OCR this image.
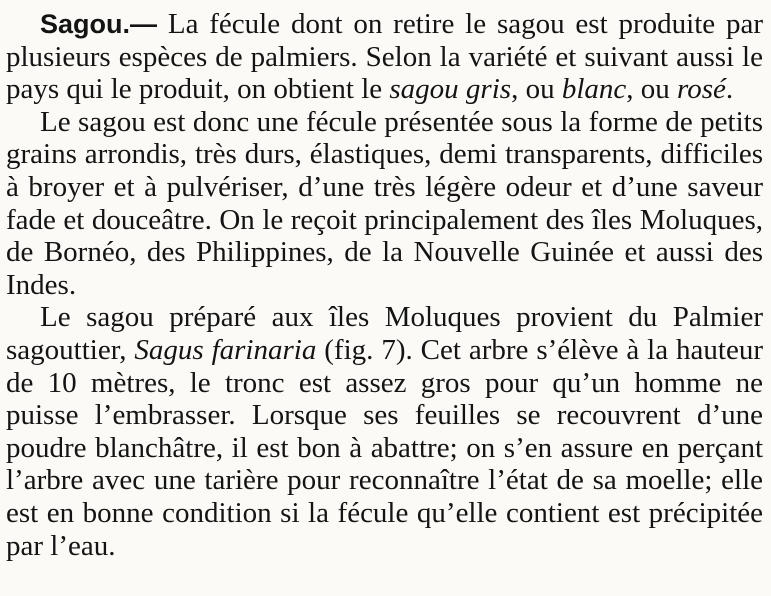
Sagou.— La fécule dont on retire le sagou est produite par plusieurs espèces de palmiers. Selon la variété et suivant aussi le pays qui le produit, on obtient le sagou gris, ou blanc, ou rosé.

Le sagou est donc une fécule présentée sous la forme de petits grains arrondis, très durs, élastiques, demi transparents, difficiles à broyer et à pulvériser, d’une très légère odeur et d’une saveur fade et douceâtre. On le reçoit principalement des îles Moluques, de Bornéo, des Philippines, de la Nouvelle Guinée et aussi des Indes.

Le sagou préparé aux îles Moluques provient du Palmier sagouttier, Sagus farinaria (fig. 7). Cet arbre s’élève à la hauteur de 10 mètres, le tronc est assez gros pour qu’un homme ne puisse l’embrasser. Lorsque ses feuilles se recouvrent d’une poudre blanchâtre, il est bon à abattre; on s’en assure en perçant l’arbre avec une tarière pour reconnaître l’état de sa moelle; elle est en bonne condition si la fécule qu’elle contient est précipitée par l’eau.
